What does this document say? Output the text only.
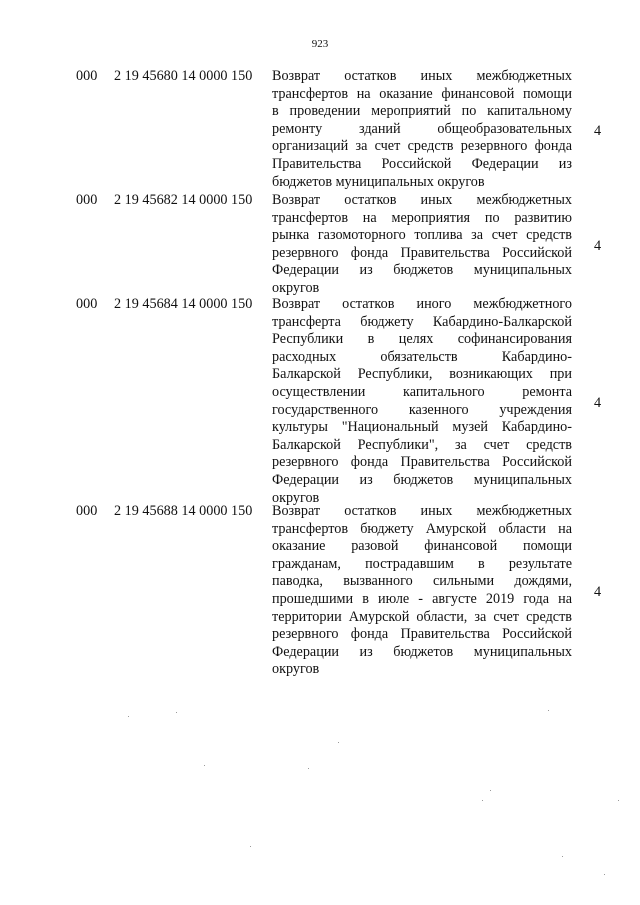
923
000 2 19 45680 14 0000 150 Возврат остатков иных межбюджетных
трансфертов на оказание финансовой помощи
в проведении мероприятий по капитальному
ремонту зданий общеобразовательных
организаций за счет средств резервного фонда
Правительства Российской Федерации из
бюджетов муниципальных округов
4
000 2 19 45682 14 0000 150 Возврат остатков иных межбюджетных
трансфертов на мероприятия по развитию
рынка газомоторного топлива за счет средств
резервного фонда Правительства Российской
Федерации из бюджетов муниципальных
округов
4
000 2 19 45684 14 0000 150 Возврат остатков иного межбюджетного
трансферта бюджету Кабардино-Балкарской
Республики в целях софинансирования
расходных обязательств Кабардино-
Балкарской Республики, возникающих при
осуществлении капитального ремонта
государственного казенного учреждения
культуры "Национальный музей Кабардино-
Балкарской Республики", за счет средств
резервного фонда Правительства Российской
Федерации из бюджетов муниципальных
округов
4
000 2 19 45688 14 0000 150 Возврат остатков иных межбюджетных
трансфертов бюджету Амурской области на
оказание разовой финансовой помощи
гражданам, пострадавшим в результате
паводка, вызванного сильными дождями,
прошедшими в июле - августе 2019 года на
территории Амурской области, за счет средств
резервного фонда Правительства Российской
Федерации из бюджетов муниципальных
округов
4
